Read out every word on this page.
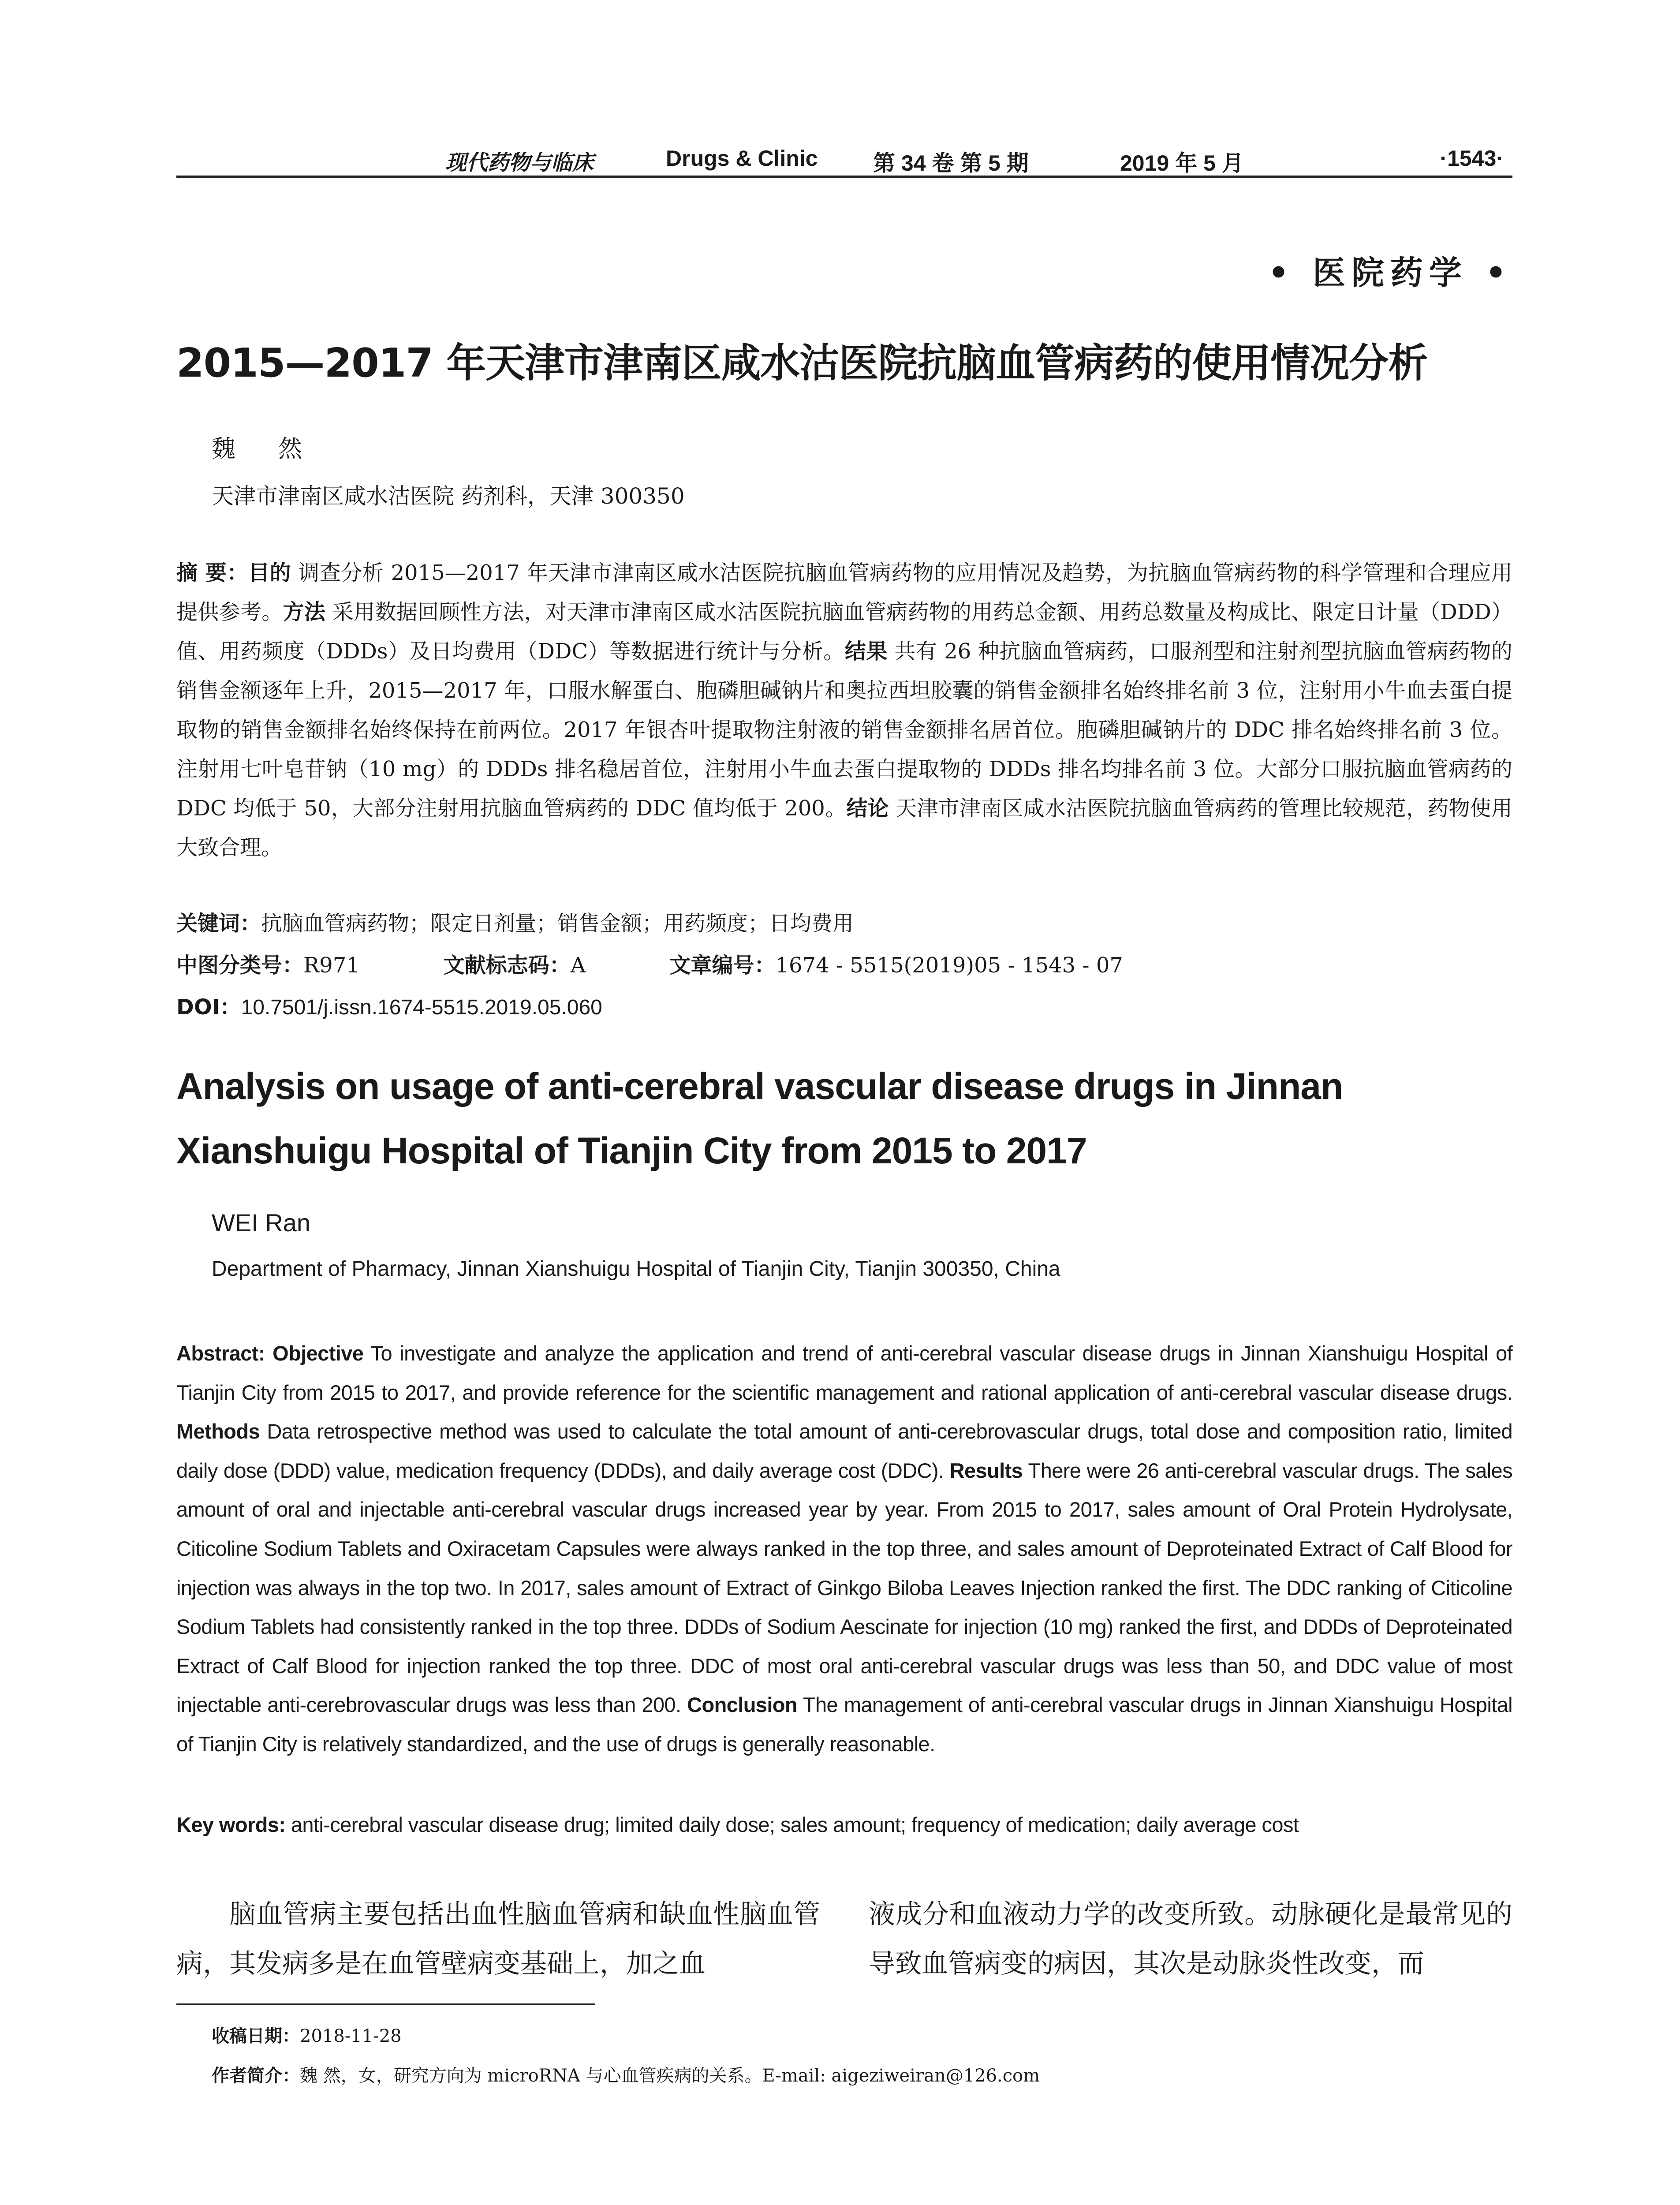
现代药物与临床	Drugs & Clinic	第 34 卷 第 5 期	2019 年 5 月	·1543·
• 医院药学 •
2015—2017 年天津市津南区咸水沽医院抗脑血管病药的使用情况分析
魏 然
天津市津南区咸水沽医院 药剂科，天津 300350
摘 要：目的 调查分析 2015—2017 年天津市津南区咸水沽医院抗脑血管病药物的应用情况及趋势，为抗脑血管病药物的科学管理和合理应用提供参考。方法 采用数据回顾性方法，对天津市津南区咸水沽医院抗脑血管病药物的用药总金额、用药总数量及构成比、限定日计量（DDD）值、用药频度（DDDs）及日均费用（DDC）等数据进行统计与分析。结果 共有 26 种抗脑血管病药，口服剂型和注射剂型抗脑血管病药物的销售金额逐年上升，2015—2017 年，口服水解蛋白、胞磷胆碱钠片和奥拉西坦胶囊的销售金额排名始终排名前 3 位，注射用小牛血去蛋白提取物的销售金额排名始终保持在前两位。2017 年银杏叶提取物注射液的销售金额排名居首位。胞磷胆碱钠片的 DDC 排名始终排名前 3 位。注射用七叶皂苷钠（10 mg）的 DDDs 排名稳居首位，注射用小牛血去蛋白提取物的 DDDs 排名均排名前 3 位。大部分口服抗脑血管病药的 DDC 均低于 50，大部分注射用抗脑血管病药的 DDC 值均低于 200。结论 天津市津南区咸水沽医院抗脑血管病药的管理比较规范，药物使用大致合理。
关键词：抗脑血管病药物；限定日剂量；销售金额；用药频度；日均费用
中图分类号：R971	文献标志码：A	文章编号：1674 - 5515(2019)05 - 1543 - 07
DOI：10.7501/j.issn.1674-5515.2019.05.060
Analysis on usage of anti-cerebral vascular disease drugs in Jinnan Xianshuigu Hospital of Tianjin City from 2015 to 2017
WEI Ran
Department of Pharmacy, Jinnan Xianshuigu Hospital of Tianjin City, Tianjin 300350, China
Abstract: Objective To investigate and analyze the application and trend of anti-cerebral vascular disease drugs in Jinnan Xianshuigu Hospital of Tianjin City from 2015 to 2017, and provide reference for the scientific management and rational application of anti-cerebral vascular disease drugs. Methods Data retrospective method was used to calculate the total amount of anti-cerebrovascular drugs, total dose and composition ratio, limited daily dose (DDD) value, medication frequency (DDDs), and daily average cost (DDC). Results There were 26 anti-cerebral vascular drugs. The sales amount of oral and injectable anti-cerebral vascular drugs increased year by year. From 2015 to 2017, sales amount of Oral Protein Hydrolysate, Citicoline Sodium Tablets and Oxiracetam Capsules were always ranked in the top three, and sales amount of Deproteinated Extract of Calf Blood for injection was always in the top two. In 2017, sales amount of Extract of Ginkgo Biloba Leaves Injection ranked the first. The DDC ranking of Citicoline Sodium Tablets had consistently ranked in the top three. DDDs of Sodium Aescinate for injection (10 mg) ranked the first, and DDDs of Deproteinated Extract of Calf Blood for injection ranked the top three. DDC of most oral anti-cerebral vascular drugs was less than 50, and DDC value of most injectable anti-cerebrovascular drugs was less than 200. Conclusion The management of anti-cerebral vascular drugs in Jinnan Xianshuigu Hospital of Tianjin City is relatively standardized, and the use of drugs is generally reasonable.
Key words: anti-cerebral vascular disease drug; limited daily dose; sales amount; frequency of medication; daily average cost
脑血管病主要包括出血性脑血管病和缺血性脑血管病，其发病多是在血管壁病变基础上，加之血
液成分和血液动力学的改变所致。动脉硬化是最常见的导致血管病变的病因，其次是动脉炎性改变，而
收稿日期：2018-11-28
作者简介：魏 然，女，研究方向为 microRNA 与心血管疾病的关系。E-mail: aigeziweiran@126.com
